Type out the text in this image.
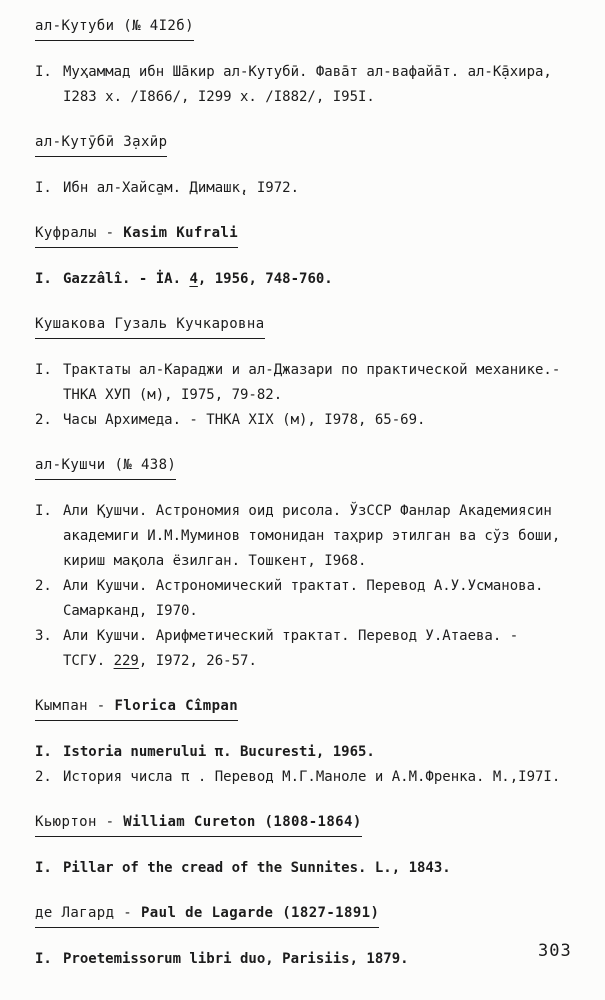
ал-Кутуби (№ 4I2б)
I. Муҳаммад ибн Ша̄кир ал-Кутубӣ. Фава̄т ал-вафайа̄т. ал-К̣а̄хира, I283 х. /I866/, I299 х. /I882/, I95I.
ал-Кутӯбӣ З̣ахӣр
I. Ибн ал-Хайс̱ам. Димашк̣, I972.
Куфралы - Kasim Kufrali
I. Gazzâlî. - İA. 4, 1956, 748-760.
Кушакова Гузаль Кучкаровна
I. Трактаты ал-Караджи и ал-Джазари по практической механике.- ТНКА ХУП (м), I975, 79-82.
2. Часы Архимеда. - ТНКА XIX (м), I978, 65-69.
ал-Кушчи (№ 438)
I. Али Қушчи. Астрономия оид рисола. ЎзССР Фанлар Академиясин академиги И.М.Муминов томонидан таҳрир этилган ва сўз боши, кириш мақола ёзилган. Тошкент, I968.
2. Али Кушчи. Астрономический трактат. Перевод А.У.Усманова. Самарканд, I970.
3. Али Кушчи. Арифметический трактат. Перевод У.Атаева. - ТСГУ. 229, I972, 26-57.
Кымпан - Florica Cîmpan
I. Istoria numerului π. Bucuresti, 1965.
2. История числа π . Перевод М.Г.Маноле и А.М.Френка. М.,I97I.
Кьюртон - William Cureton (1808-1864)
I. Pillar of the cread of the Sunnites. L., 1843.
де Лагард - Paul de Lagarde (1827-1891)
I. Proetemissorum libri duo, Parisiis, 1879.	303
